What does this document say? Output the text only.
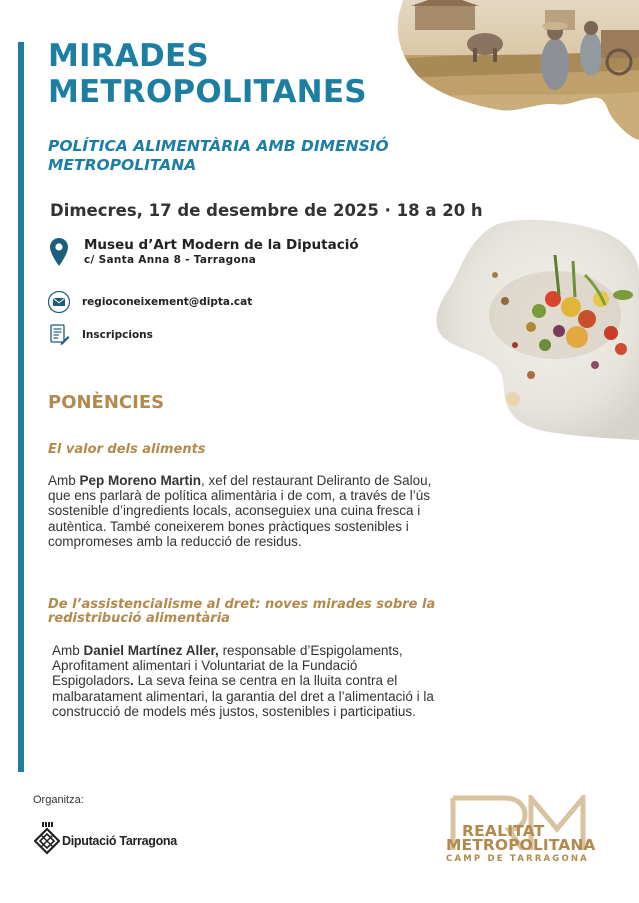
MIRADES
METROPOLITANES
POLÍTICA ALIMENTÀRIA AMB DIMENSIÓ
METROPOLITANA
Dimecres, 17 de desembre de 2025 · 18 a 20 h
Museu d’Art Modern de la Diputació
c/ Santa Anna 8 - Tarragona
regioconeixement@dipta.cat
Inscripcions
PONÈNCIES
El valor dels aliments
Amb Pep Moreno Martin, xef del restaurant Deliranto de Salou,
que ens parlarà de política alimentària i de com, a través de l’ús
sostenible d’ingredients locals, aconseguiex una cuina fresca i
autèntica. També coneixerem bones pràctiques sostenibles i
compromeses amb la reducció de residus.
De l’assistencialisme al dret: noves mirades sobre la
redistribució alimentària
Amb Daniel Martínez Aller, responsable d’Espigolaments,
Aprofitament alimentari i Voluntariat de la Fundació
Espigoladors. La seva feina se centra en la lluita contra el
malbaratament alimentari, la garantia del dret a l’alimentació i la
construcció de models més justos, sostenibles i participatius.
Organitza:
Diputació Tarragona
REALITAT
METROPOLITANA
CAMP DE TARRAGONA
